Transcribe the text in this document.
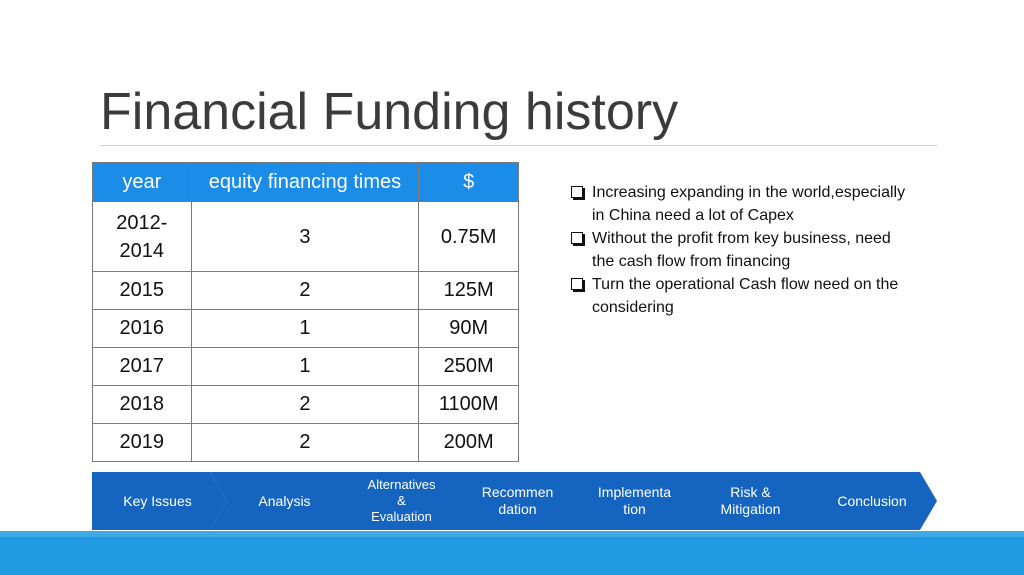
Financial Funding history
year	equity financing times	$
2012-
2014	3	0.75M
2015	2	125M
2016	1	90M
2017	1	250M
2018	2	1100M
2019	2	200M
Increasing expanding in the world,especially in China need a lot of Capex
Without the profit from key business, need the cash flow from financing
Turn the operational Cash flow need on the considering
Key Issues	Analysis
Alternatives
&
Evaluation
Recommen
dation
Implementa
tion
Risk &
Mitigation
Conclusion
